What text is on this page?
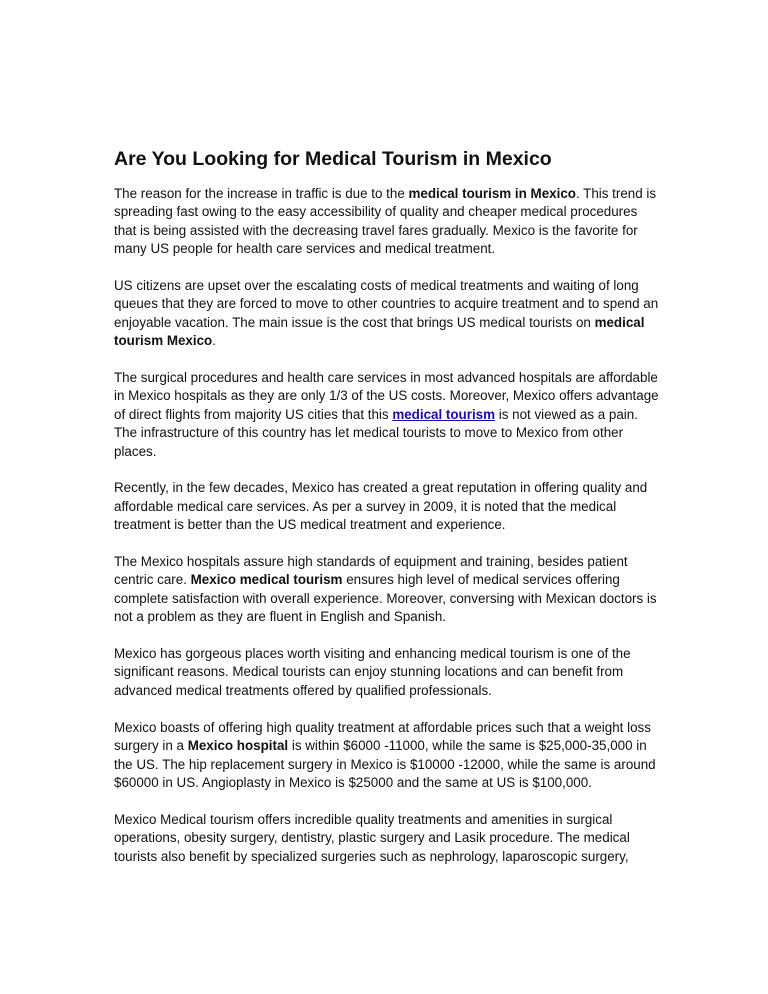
Are You Looking for Medical Tourism in Mexico

The reason for the increase in traffic is due to the medical tourism in Mexico. This trend is spreading fast owing to the easy accessibility of quality and cheaper medical procedures that is being assisted with the decreasing travel fares gradually. Mexico is the favorite for many US people for health care services and medical treatment.

US citizens are upset over the escalating costs of medical treatments and waiting of long queues that they are forced to move to other countries to acquire treatment and to spend an enjoyable vacation. The main issue is the cost that brings US medical tourists on medical tourism Mexico.

The surgical procedures and health care services in most advanced hospitals are affordable in Mexico hospitals as they are only 1/3 of the US costs. Moreover, Mexico offers advantage of direct flights from majority US cities that this medical tourism is not viewed as a pain. The infrastructure of this country has let medical tourists to move to Mexico from other places.

Recently, in the few decades, Mexico has created a great reputation in offering quality and affordable medical care services. As per a survey in 2009, it is noted that the medical treatment is better than the US medical treatment and experience.

The Mexico hospitals assure high standards of equipment and training, besides patient centric care. Mexico medical tourism ensures high level of medical services offering complete satisfaction with overall experience. Moreover, conversing with Mexican doctors is not a problem as they are fluent in English and Spanish.

Mexico has gorgeous places worth visiting and enhancing medical tourism is one of the significant reasons. Medical tourists can enjoy stunning locations and can benefit from advanced medical treatments offered by qualified professionals.

Mexico boasts of offering high quality treatment at affordable prices such that a weight loss surgery in a Mexico hospital is within $6000 -11000, while the same is $25,000-35,000 in the US. The hip replacement surgery in Mexico is $10000 -12000, while the same is around $60000 in US. Angioplasty in Mexico is $25000 and the same at US is $100,000.

Mexico Medical tourism offers incredible quality treatments and amenities in surgical operations, obesity surgery, dentistry, plastic surgery and Lasik procedure. The medical tourists also benefit by specialized surgeries such as nephrology, laparoscopic surgery,
